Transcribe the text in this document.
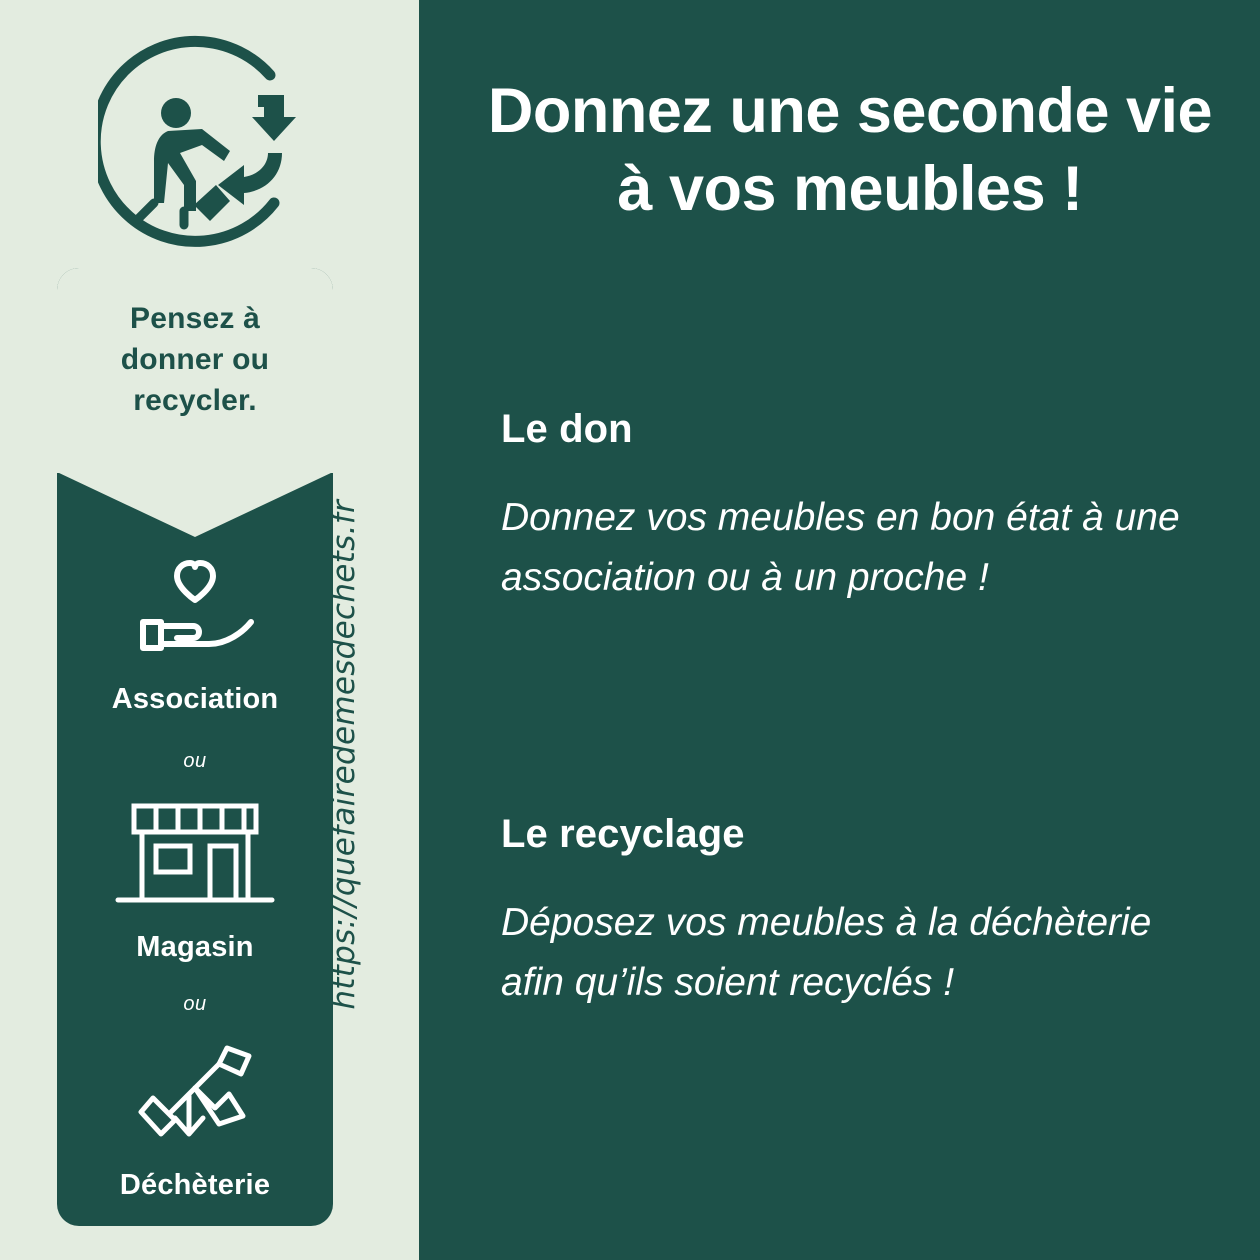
Pensez à
donner ou
recycler.
Association
ou
Magasin
ou
Déchèterie
https://quefairedemesdechets.fr
Donnez une seconde vie
à vos meubles !

Le don

Donnez vos meubles en bon état à une association ou à un proche !

Le recyclage

Déposez vos meubles à la déchèterie afin qu’ils soient recyclés !
